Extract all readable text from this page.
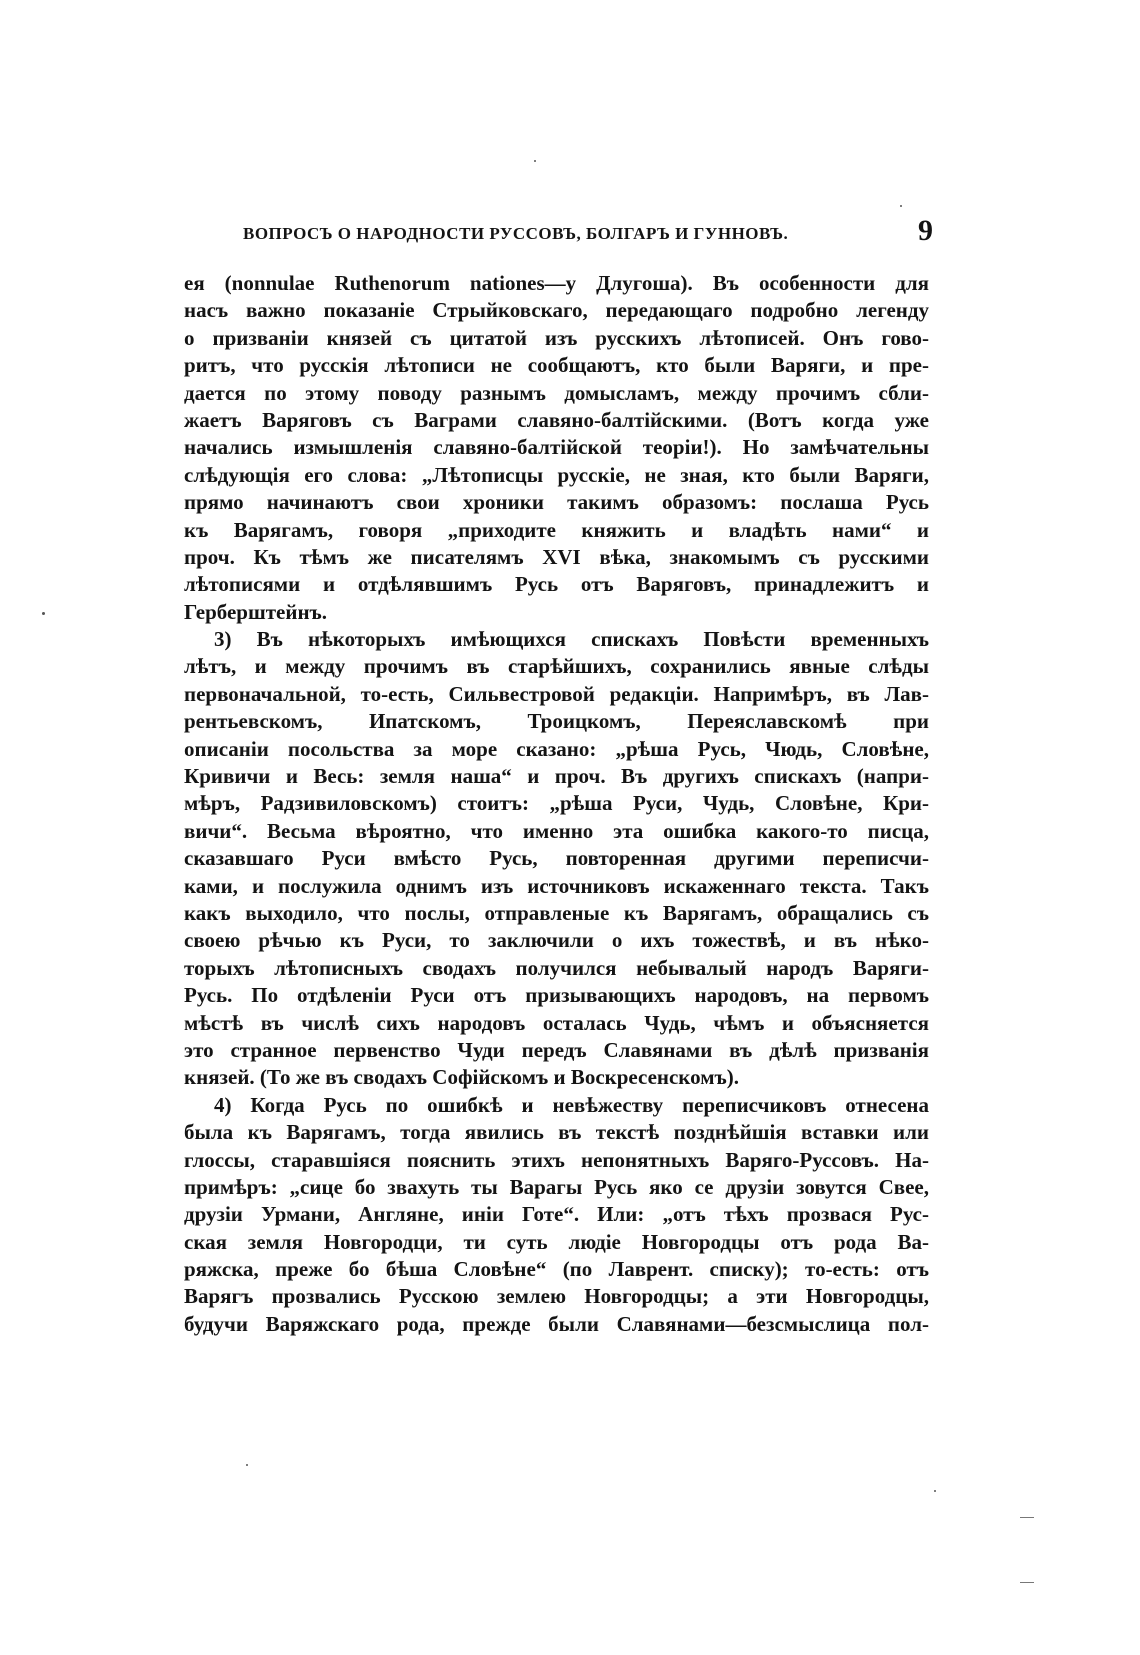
ВОПРОСЪ О НАРОДНОСТИ РУССОВЪ, БОЛГАРЪ И ГУННОВЪ.	9
ея (nonnulae Ruthenorum nationes—у Длугоша). Въ особенности для
насъ важно показаніе Стрыйковскаго, передающаго подробно легенду
о призваніи князей съ цитатой изъ русскихъ лѣтописей. Онъ гово-
ритъ, что русскія лѣтописи не сообщаютъ, кто были Варяги, и пре-
дается по этому поводу разнымъ домысламъ, между прочимъ сбли-
жаетъ Варяговъ съ Ваграми славяно-балтійскими. (Вотъ когда уже
начались измышленія славяно-балтійской теоріи!). Но замѣчательны
слѣдующія его слова: „Лѣтописцы русскіе, не зная, кто были Варяги,
прямо начинаютъ свои хроники такимъ образомъ: послаша Русь
къ Варягамъ, говоря „приходите княжить и владѣть нами“ и
проч. Къ тѣмъ же писателямъ XVI вѣка, знакомымъ съ русскими
лѣтописями и отдѣлявшимъ Русь отъ Варяговъ, принадлежитъ и
Герберштейнъ.
3) Въ нѣкоторыхъ имѣющихся спискахъ Повѣсти временныхъ
лѣтъ, и между прочимъ въ старѣйшихъ, сохранились явные слѣды
первоначальной, то-есть, Сильвестровой редакціи. Напримѣръ, въ Лав-
рентьевскомъ, Ипатскомъ, Троицкомъ, Переяславскомѣ при
описаніи посольства за море сказано: „рѣша Русь, Чюдь, Словѣне,
Кривичи и Весь: земля наша“ и проч. Въ другихъ спискахъ (напри-
мѣръ, Радзивиловскомъ) стоитъ: „рѣша Руси, Чудь, Словѣне, Кри-
вичи“. Весьма вѣроятно, что именно эта ошибка какого-то писца,
сказавшаго Руси вмѣсто Русь, повторенная другими переписчи-
ками, и послужила однимъ изъ источниковъ искаженнаго текста. Такъ
какъ выходило, что послы, отправленые къ Варягамъ, обращались съ
своею рѣчью къ Руси, то заключили о ихъ тожествѣ, и въ нѣко-
торыхъ лѣтописныхъ сводахъ получился небывалый народъ Варяги-
Русь. По отдѣленіи Руси отъ призывающихъ народовъ, на первомъ
мѣстѣ въ числѣ сихъ народовъ осталась Чудь, чѣмъ и объясняется
это странное первенство Чуди передъ Славянами въ дѣлѣ призванія
князей. (То же въ сводахъ Софійскомъ и Воскресенскомъ).
4) Когда Русь по ошибкѣ и невѣжеству переписчиковъ отнесена
была къ Варягамъ, тогда явились въ текстѣ позднѣйшія вставки или
глоссы, старавшіяся пояснить этихъ непонятныхъ Варяго-Руссовъ. На-
примѣръ: „сице бо звахуть ты Варагы Русь яко се друзіи зовутся Свее,
друзіи Урмани, Англяне, иніи Готе“. Или: „отъ тѣхъ прозвася Рус-
ская земля Новгородци, ти суть людіе Новгородцы отъ рода Ва-
ряжска, преже бо бѣша Словѣне“ (по Лаврент. списку); то-есть: отъ
Варягъ прозвались Русскою землею Новгородцы; а эти Новгородцы,
будучи Варяжскаго рода, прежде были Славянами—безсмыслица пол-
